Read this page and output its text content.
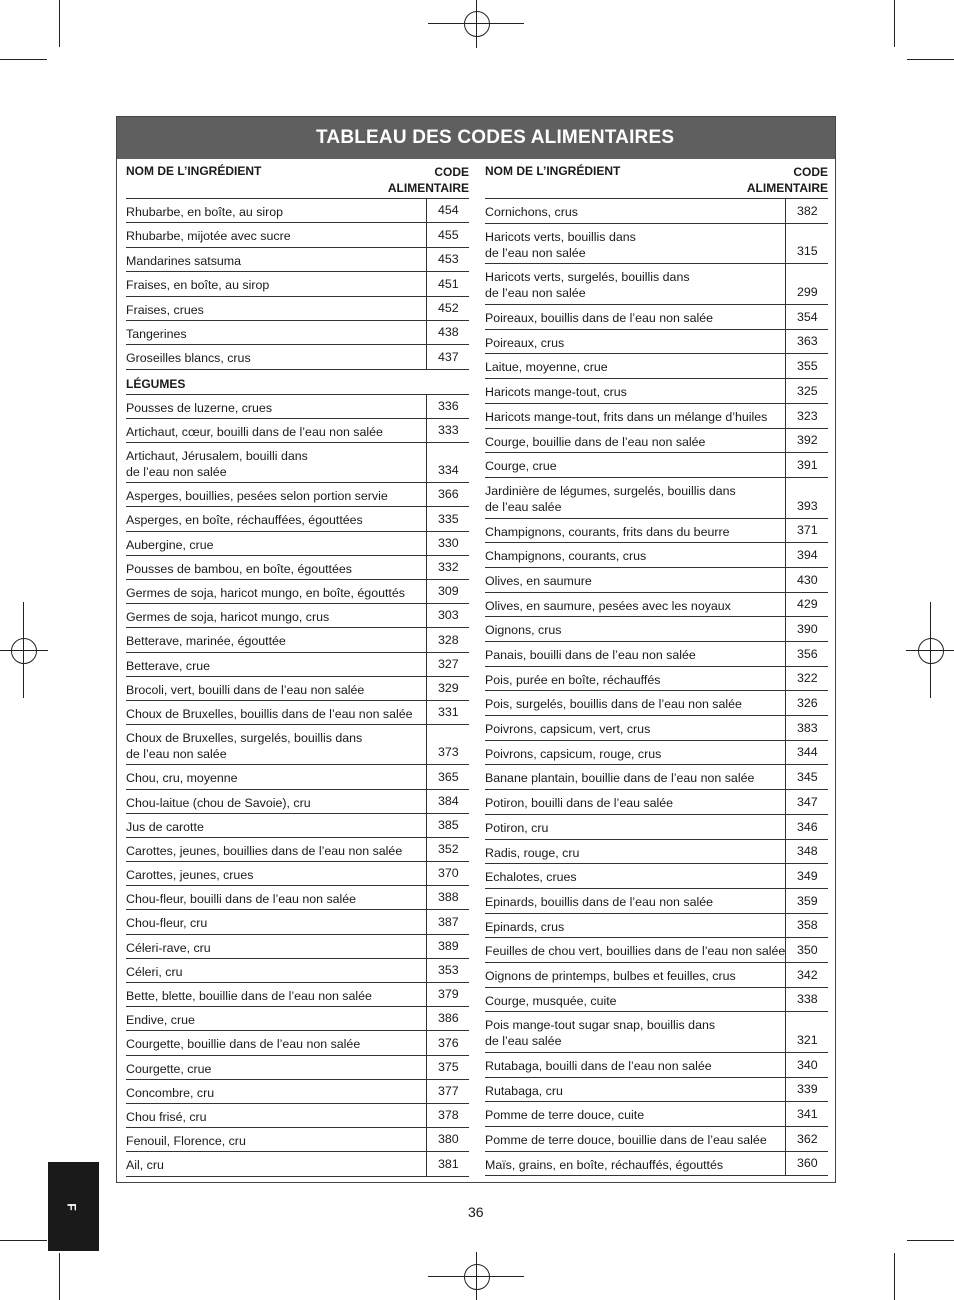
TABLEAU DES CODES ALIMENTAIRES
NOM DE L’INGRÉDIENT	CODE
ALIMENTAIRE
Rhubarbe, en boîte, au sirop	454
Rhubarbe, mijotée avec sucre	455
Mandarines satsuma	453
Fraises, en boîte, au sirop	451
Fraises, crues	452
Tangerines	438
Groseilles blancs, crus	437
LÉGUMES
Pousses de luzerne, crues	336
Artichaut, cœur, bouilli dans de l’eau non salée	333
Artichaut, Jérusalem, bouilli dans
de l’eau non salée	334
Asperges, bouillies, pesées selon portion servie	366
Asperges, en boîte, réchauffées, égouttées	335
Aubergine, crue	330
Pousses de bambou, en boîte, égouttées	332
Germes de soja, haricot mungo, en boîte, égouttés	309
Germes de soja, haricot mungo, crus	303
Betterave, marinée, égouttée	328
Betterave, crue	327
Brocoli, vert, bouilli dans de l’eau non salée	329
Choux de Bruxelles, bouillis dans de l’eau non salée 331
Choux de Bruxelles, surgelés, bouillis dans
de l’eau non salée	373
Chou, cru, moyenne	365
Chou-laitue (chou de Savoie), cru	384
Jus de carotte	385
Carottes, jeunes, bouillies dans de l’eau non salée	352
Carottes, jeunes, crues	370
Chou-fleur, bouilli dans de l’eau non salée	388
Chou-fleur, cru	387
Céleri-rave, cru	389
Céleri, cru	353
Bette, blette, bouillie dans de l’eau non salée	379
Endive, crue	386
Courgette, bouillie dans de l’eau non salée	376
Courgette, crue	375
Concombre, cru	377
Chou frisé, cru	378
Fenouil, Florence, cru	380
Ail, cru	381
NOM DE L’INGRÉDIENT	CODE
ALIMENTAIRE
Cornichons, crus	382
Haricots verts, bouillis dans
de l’eau non salée	315
Haricots verts, surgelés, bouillis dans
de l’eau non salée	299
Poireaux, bouillis dans de l’eau non salée	354
Poireaux, crus	363
Laitue, moyenne, crue	355
Haricots mange-tout, crus	325
Haricots mange-tout, frits dans un mélange d’huiles 323
Courge, bouillie dans de l’eau non salée	392
Courge, crue	391
Jardinière de légumes, surgelés, bouillis dans
de l’eau salée	393
Champignons, courants, frits dans du beurre	371
Champignons, courants, crus	394
Olives, en saumure	430
Olives, en saumure, pesées avec les noyaux	429
Oignons, crus	390
Panais, bouilli dans de l’eau non salée	356
Pois, purée en boîte, réchauffés	322
Pois, surgelés, bouillis dans de l’eau non salée	326
Poivrons, capsicum, vert, crus	383
Poivrons, capsicum, rouge, crus	344
Banane plantain, bouillie dans de l’eau non salée	345
Potiron, bouilli dans de l’eau salée	347
Potiron, cru	346
Radis, rouge, cru	348
Echalotes, crues	349
Epinards, bouillis dans de l’eau non salée	359
Epinards, crus	358
Feuilles de chou vert, bouillies dans de l’eau non salée 350
Oignons de printemps, bulbes et feuilles, crus	342
Courge, musquée, cuite	338
Pois mange-tout sugar snap, bouillis dans
de l’eau salée	321
Rutabaga, bouilli dans de l’eau non salée	340
Rutabaga, cru	339
Pomme de terre douce, cuite	341
Pomme de terre douce, bouillie dans de l’eau salée 362
Maïs, grains, en boîte, réchauffés, égouttés	360
F	36
